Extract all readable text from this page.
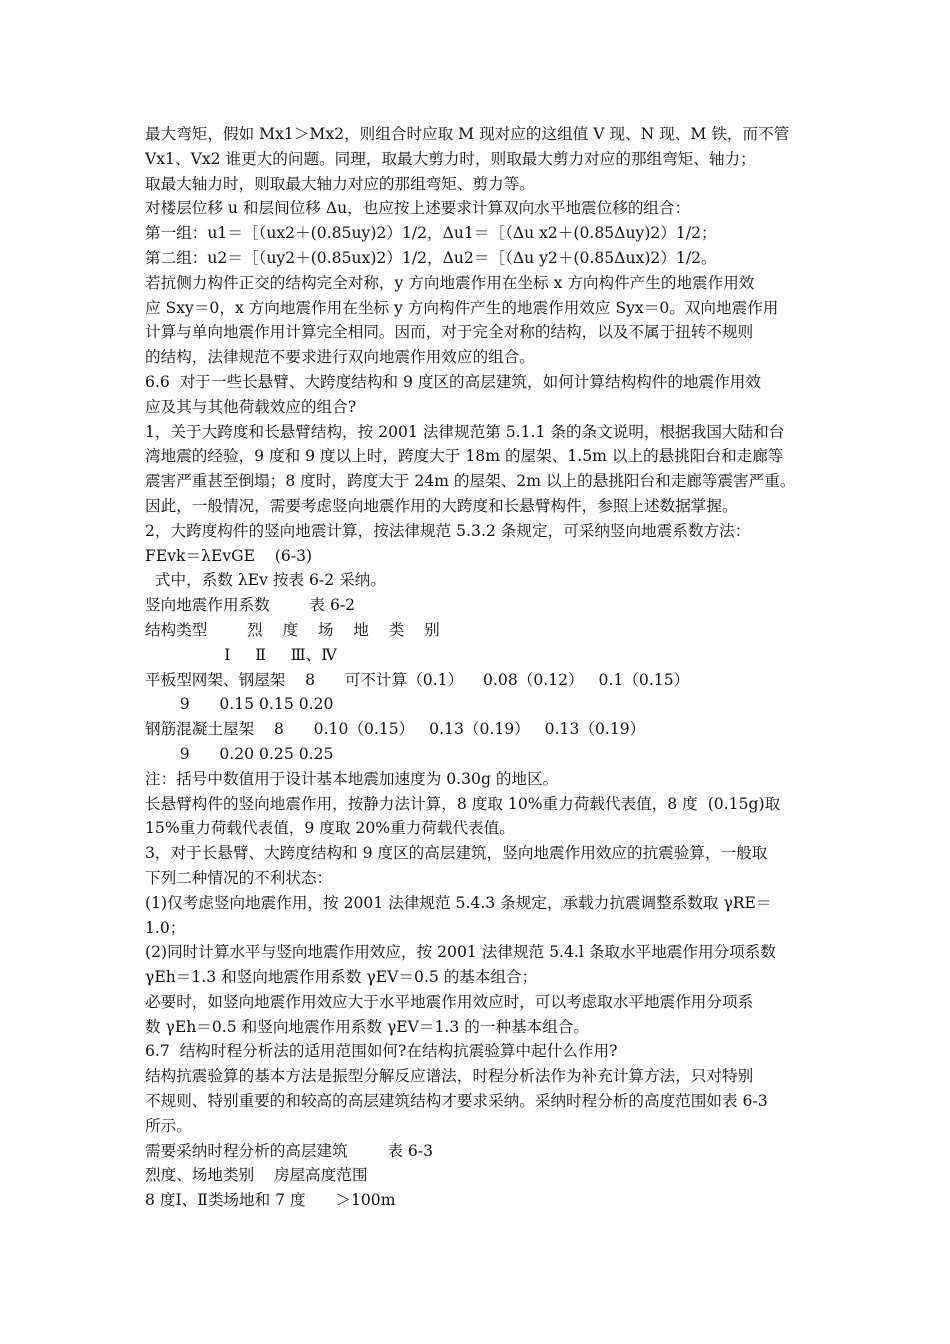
最大弯矩，假如 Mx1＞Mx2，则组合时应取 M 现对应的这组值 V 现、N 现、M 铁，而不管
Vx1、Vx2 谁更大的问题。同理，取最大剪力时，则取最大剪力对应的那组弯矩、轴力；
取最大轴力时，则取最大轴力对应的那组弯矩、剪力等。
对楼层位移 u 和层间位移 Δu，也应按上述要求计算双向水平地震位移的组合：
第一组：u1＝［（ux2＋(0.85uy)2）1/2，Δu1＝［（Δu x2＋(0.85Δuy)2）1/2；
第二组：u2＝［（uy2＋(0.85ux)2）1/2，Δu2＝［（Δu y2＋(0.85Δux)2）1/2。
若抗侧力构件正交的结构完全对称，y 方向地震作用在坐标 x 方向构件产生的地震作用效
应 Sxy＝0，x 方向地震作用在坐标 y 方向构件产生的地震作用效应 Syx＝0。双向地震作用
计算与单向地震作用计算完全相同。因而，对于完全对称的结构，以及不属于扭转不规则
的结构，法律规范不要求进行双向地震作用效应的组合。
6.6  对于一些长悬臂、大跨度结构和 9 度区的高层建筑，如何计算结构构件的地震作用效
应及其与其他荷载效应的组合?
1，关于大跨度和长悬臂结构，按 2001 法律规范第 5.1.1 条的条文说明，根据我国大陆和台
湾地震的经验，9 度和 9 度以上时，跨度大于 18m 的屋架、1.5m 以上的悬挑阳台和走廊等
震害严重甚至倒塌；8 度时，跨度大于 24m 的屋架、2m 以上的悬挑阳台和走廊等震害严重。
因此，一般情况，需要考虑竖向地震作用的大跨度和长悬臂构件，参照上述数据掌握。
2，大跨度构件的竖向地震计算，按法律规范 5.3.2 条规定，可采纳竖向地震系数方法：
FEvk＝λEvGE    (6-3)
式中，系数 λEv 按表 6-2 采纳。
竖向地震作用系数        表 6-2
结构类型        烈    度    场    地    类    别
Ⅰ     Ⅱ     Ⅲ、Ⅳ
平板型网架、钢屋架    8      可不计算（0.1）    0.08（0.12）   0.1（0.15）
9      0.15 0.15 0.20
钢筋混凝土屋架    8      0.10（0.15）   0.13（0.19）   0.13（0.19）
9      0.20 0.25 0.25
注：括号中数值用于设计基本地震加速度为 0.30g 的地区。
长悬臂构件的竖向地震作用，按静力法计算，8 度取 10%重力荷载代表值，8 度  (0.15g)取
15%重力荷载代表值，9 度取 20%重力荷载代表值。
3，对于长悬臂、大跨度结构和 9 度区的高层建筑，竖向地震作用效应的抗震验算，一般取
下列二种情况的不利状态：
(1)仅考虑竖向地震作用，按 2001 法律规范 5.4.3 条规定，承载力抗震调整系数取 γRE＝
1.0；
(2)同时计算水平与竖向地震作用效应，按 2001 法律规范 5.4.l 条取水平地震作用分项系数
γEh＝1.3 和竖向地震作用系数 γEV＝0.5 的基本组合；
必要时，如竖向地震作用效应大于水平地震作用效应时，可以考虑取水平地震作用分项系
数 γEh＝0.5 和竖向地震作用系数 γEV＝1.3 的一种基本组合。
6.7  结构时程分析法的适用范围如何?在结构抗震验算中起什么作用?
结构抗震验算的基本方法是振型分解反应谱法，时程分析法作为补充计算方法，只对特别
不规则、特别重要的和较高的高层建筑结构才要求采纳。采纳时程分析的高度范围如表 6-3
所示。
需要采纳时程分析的高层建筑        表 6-3
烈度、场地类别    房屋高度范围
8 度Ⅰ、Ⅱ类场地和 7 度      ＞100m
